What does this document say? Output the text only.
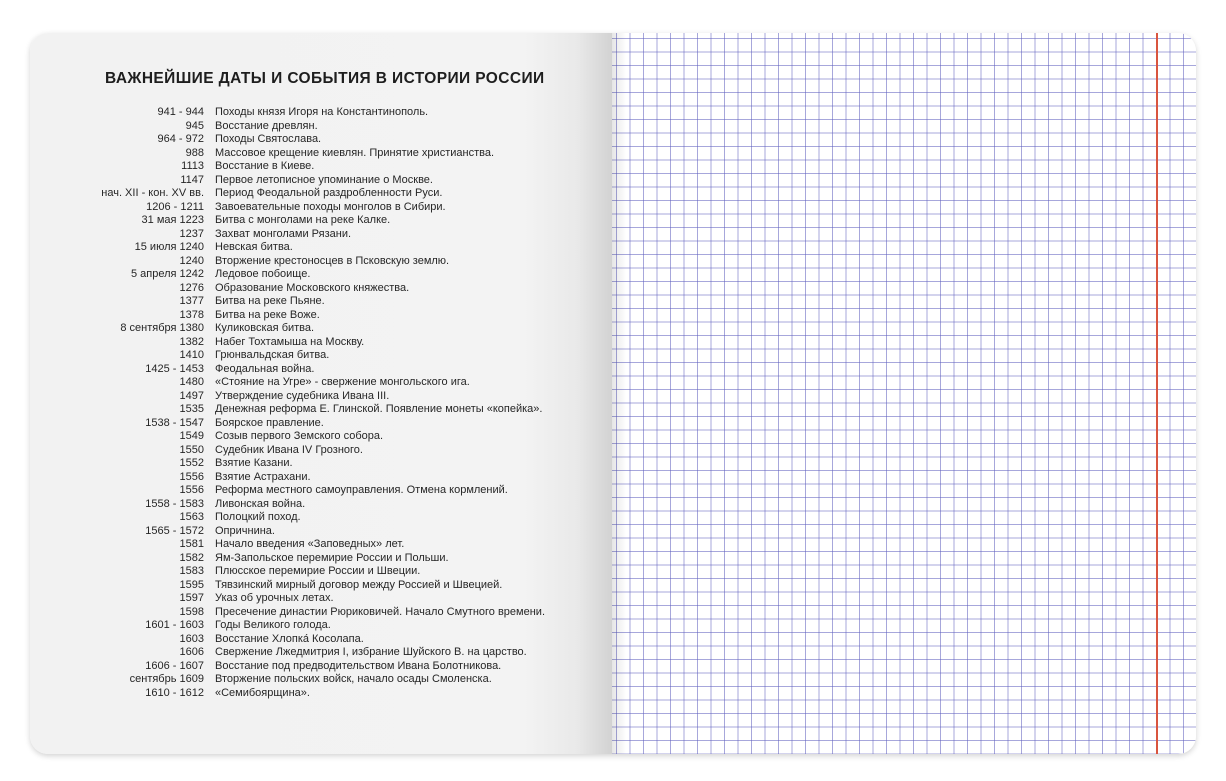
ВАЖНЕЙШИЕ ДАТЫ И СОБЫТИЯ В ИСТОРИИ РОССИИ
941 - 944 Походы князя Игоря на Константинополь.
945 Восстание древлян.
964 - 972 Походы Святослава.
988 Массовое крещение киевлян. Принятие христианства.
1113 Восстание в Киеве.
1147 Первое летописное упоминание о Москве.
нач. XII - кон. XV вв. Период Феодальной раздробленности Руси.
1206 - 1211 Завоевательные походы монголов в Сибири.
31 мая 1223 Битва с монголами на реке Калке.
1237 Захват монголами Рязани.
15 июля 1240 Невская битва.
1240 Вторжение крестоносцев в Псковскую землю.
5 апреля 1242 Ледовое побоище.
1276 Образование Московского княжества.
1377 Битва на реке Пьяне.
1378 Битва на реке Воже.
8 сентября 1380 Куликовская битва.
1382 Набег Тохтамыша на Москву.
1410 Грюнвальдская битва.
1425 - 1453 Феодальная война.
1480 «Стояние на Угре» - свержение монгольского ига.
1497 Утверждение судебника Ивана III.
1535 Денежная реформа Е. Глинской. Появление монеты «копейка».
1538 - 1547 Боярское правление.
1549 Созыв первого Земского собора.
1550 Судебник Ивана IV Грозного.
1552 Взятие Казани.
1556 Взятие Астрахани.
1556 Реформа местного самоуправления. Отмена кормлений.
1558 - 1583 Ливонская война.
1563 Полоцкий поход.
1565 - 1572 Опричнина.
1581 Начало введения «Заповедных» лет.
1582 Ям-Запольское перемирие России и Польши.
1583 Плюсское перемирие России и Швеции.
1595 Тявзинский мирный договор между Россией и Швецией.
1597 Указ об урочных летах.
1598 Пресечение династии Рюриковичей. Начало Смутного времени.
1601 - 1603 Годы Великого голода.
1603 Восстание Хлопка́ Косолапа.
1606 Свержение Лжедмитрия I, избрание Шуйского В. на царство.
1606 - 1607 Восстание под предводительством Ивана Болотникова.
сентябрь 1609 Вторжение польских войск, начало осады Смоленска.
1610 - 1612 «Семибоярщина».
